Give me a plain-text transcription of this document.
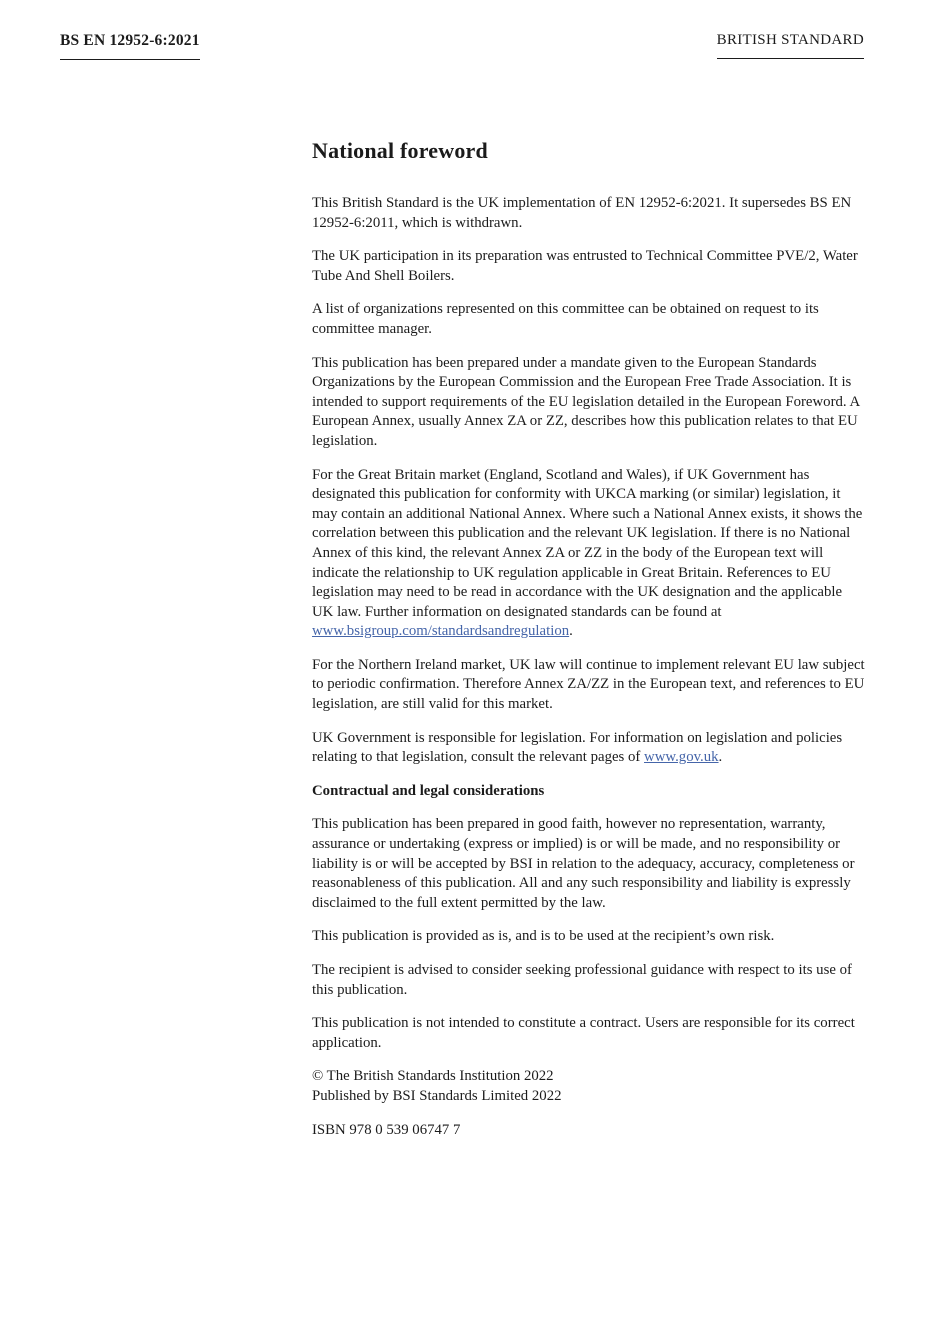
BS EN 12952-6:2021	BRITISH STANDARD
National foreword

This British Standard is the UK implementation of EN 12952-6:2021. It supersedes BS EN 12952-6:2011, which is withdrawn.

The UK participation in its preparation was entrusted to Technical Committee PVE/2, Water Tube And Shell Boilers.

A list of organizations represented on this committee can be obtained on request to its committee manager.

This publication has been prepared under a mandate given to the European Standards Organizations by the European Commission and the European Free Trade Association. It is intended to support requirements of the EU legislation detailed in the European Foreword. A European Annex, usually Annex ZA or ZZ, describes how this publication relates to that EU legislation.

For the Great Britain market (England, Scotland and Wales), if UK Government has designated this publication for conformity with UKCA marking (or similar) legislation, it may contain an additional National Annex. Where such a National Annex exists, it shows the correlation between this publication and the relevant UK legislation. If there is no National Annex of this kind, the relevant Annex ZA or ZZ in the body of the European text will indicate the relationship to UK regulation applicable in Great Britain. References to EU legislation may need to be read in accordance with the UK designation and the applicable UK law. Further information on designated standards can be found at www.bsigroup.com/standardsandregulation.

For the Northern Ireland market, UK law will continue to implement relevant EU law subject to periodic confirmation. Therefore Annex ZA/ZZ in the European text, and references to EU legislation, are still valid for this market.

UK Government is responsible for legislation. For information on legislation and policies relating to that legislation, consult the relevant pages of www.gov.uk.

Contractual and legal considerations

This publication has been prepared in good faith, however no representation, warranty, assurance or undertaking (express or implied) is or will be made, and no responsibility or liability is or will be accepted by BSI in relation to the adequacy, accuracy, completeness or reasonableness of this publication. All and any such responsibility and liability is expressly disclaimed to the full extent permitted by the law.

This publication is provided as is, and is to be used at the recipient’s own risk.

The recipient is advised to consider seeking professional guidance with respect to its use of this publication.

This publication is not intended to constitute a contract. Users are responsible for its correct application.

© The British Standards Institution 2022
Published by BSI Standards Limited 2022

ISBN 978 0 539 06747 7
